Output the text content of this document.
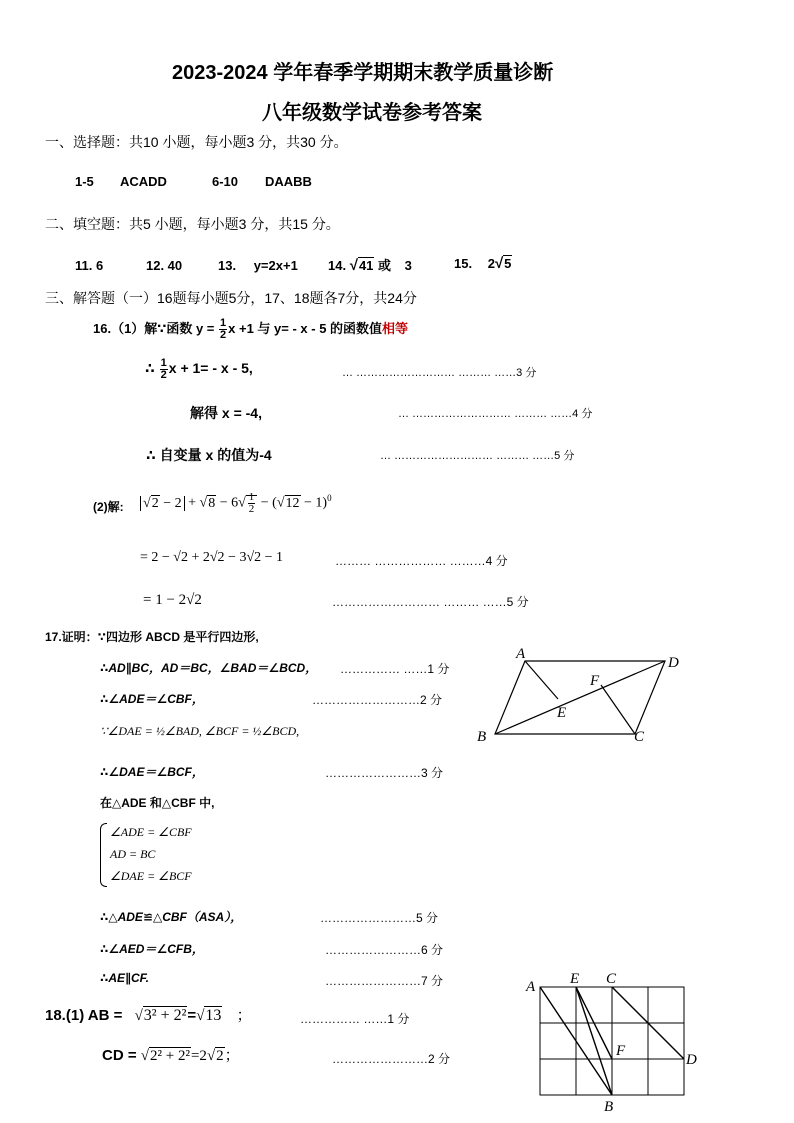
2023-2024 学年春季学期期末教学质量诊断
八年级数学试卷参考答案
一、选择题：共10 小题，每小题3 分，共30 分。
1-5 ACADD	6-10 DAABB
二、填空题：共5 小题，每小题3 分，共15 分。
11. 6	12. 40	13. y=2x+1 14. √41 或 3	15. 2√5
三、解答题（一）16题每小题5分，17、18题各7分，共24分
16.（1）解∵函数 $y = \frac{1}{2}$ x +1 与 y= - x - 5 的函数值相等
∴ $\frac{1}{2}$ x + 1= - x - 5,	… ……………………… ……… ……3 分
解得 x = -4,	… ……………………… ……… ……4 分
∴ 自变量 x 的值为-4	… ……………………… ……… ……5 分
(2)解: $√2 - 2 + √8 - 6√ \frac{1}{2} - (√12 - 1)^0$
= 2 − √2 + 2√2 − 3√2 − 1	……… ……………… ………4 分
= 1 − 2√2	……………………… ……… ……5 分
17.证明：∵四边形 ABCD 是平行四边形,
∴AD∥BC，AD＝BC，∠BAD＝∠BCD， …………… ……1 分
∴∠ADE＝∠CBF，	………………………2 分
∵∠DAE = ½∠BAD, ∠BCF = ½∠BCD,
∴∠DAE＝∠BCF，	……………………3 分
在△ADE 和△CBF 中,
∠ADE = ∠CBF
AD = BC
∠DAE = ∠BCF
∴△ADE≌△CBF（ASA），	……………………5 分
∴∠AED＝∠CFB，	……………………6 分
∴AE∥CF.	……………………7 分
A
D
F
E
B	C
18.(1) AB = √3² + 2²=√13 ；	…………… ……1 分
CD = √2² + 2²=2√2；	……………………2 分
A E C
F
D
B
